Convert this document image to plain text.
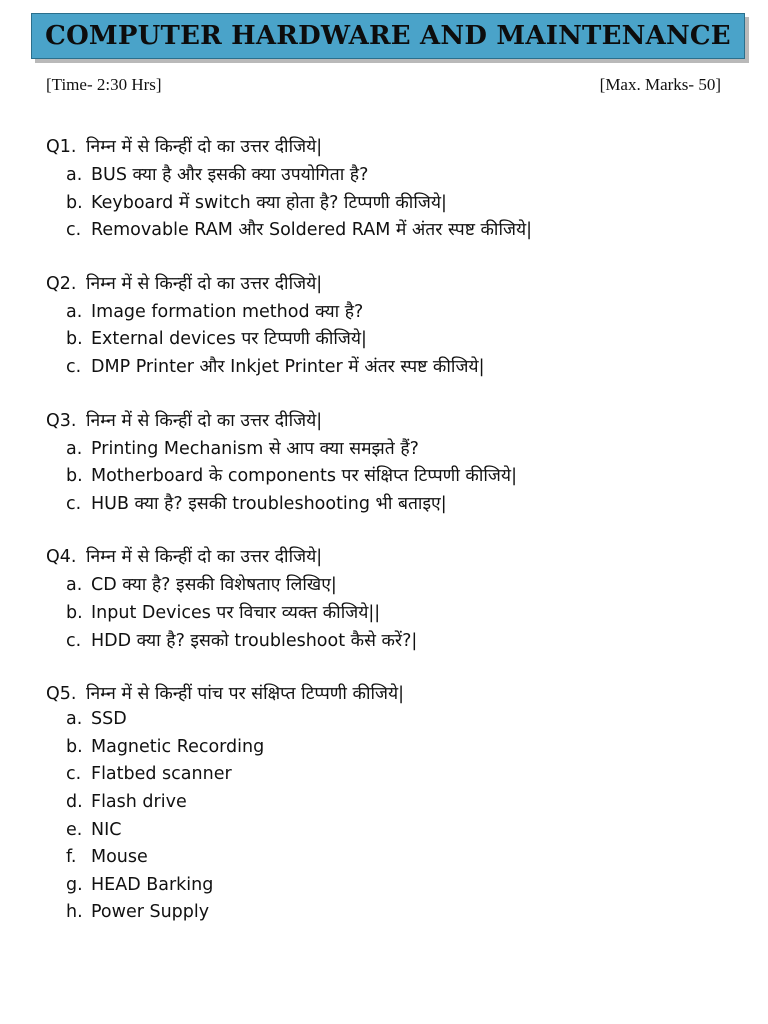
COMPUTER HARDWARE AND MAINTENANCE
[Time- 2:30 Hrs]	[Max. Marks- 50]
Q1. निम्न में से किन्हीं दो का उत्तर दीजिये|
a. BUS क्या है और इसकी क्या उपयोगिता है?
b. Keyboard में switch क्या होता है? टिप्पणी कीजिये|
c. Removable RAM और Soldered RAM में अंतर स्पष्ट कीजिये|
Q2. निम्न में से किन्हीं दो का उत्तर दीजिये|
a. Image formation method क्या है?
b. External devices पर टिप्पणी कीजिये|
c. DMP Printer और Inkjet Printer में अंतर स्पष्ट कीजिये|
Q3. निम्न में से किन्हीं दो का उत्तर दीजिये|
a. Printing Mechanism से आप क्या समझते हैं?
b. Motherboard के components पर संक्षिप्त टिप्पणी कीजिये|
c. HUB क्या है? इसकी troubleshooting भी बताइए|
Q4. निम्न में से किन्हीं दो का उत्तर दीजिये|
a. CD क्या है? इसकी विशेषताए लिखिए|
b. Input Devices पर विचार व्यक्त कीजिये||
c. HDD क्या है? इसको troubleshoot कैसे करें?|
Q5. निम्न में से किन्हीं पांच पर संक्षिप्त टिप्पणी कीजिये|
a. SSD
b. Magnetic Recording
c. Flatbed scanner
d. Flash drive
e. NIC
f. Mouse
g. HEAD Barking
h. Power Supply
